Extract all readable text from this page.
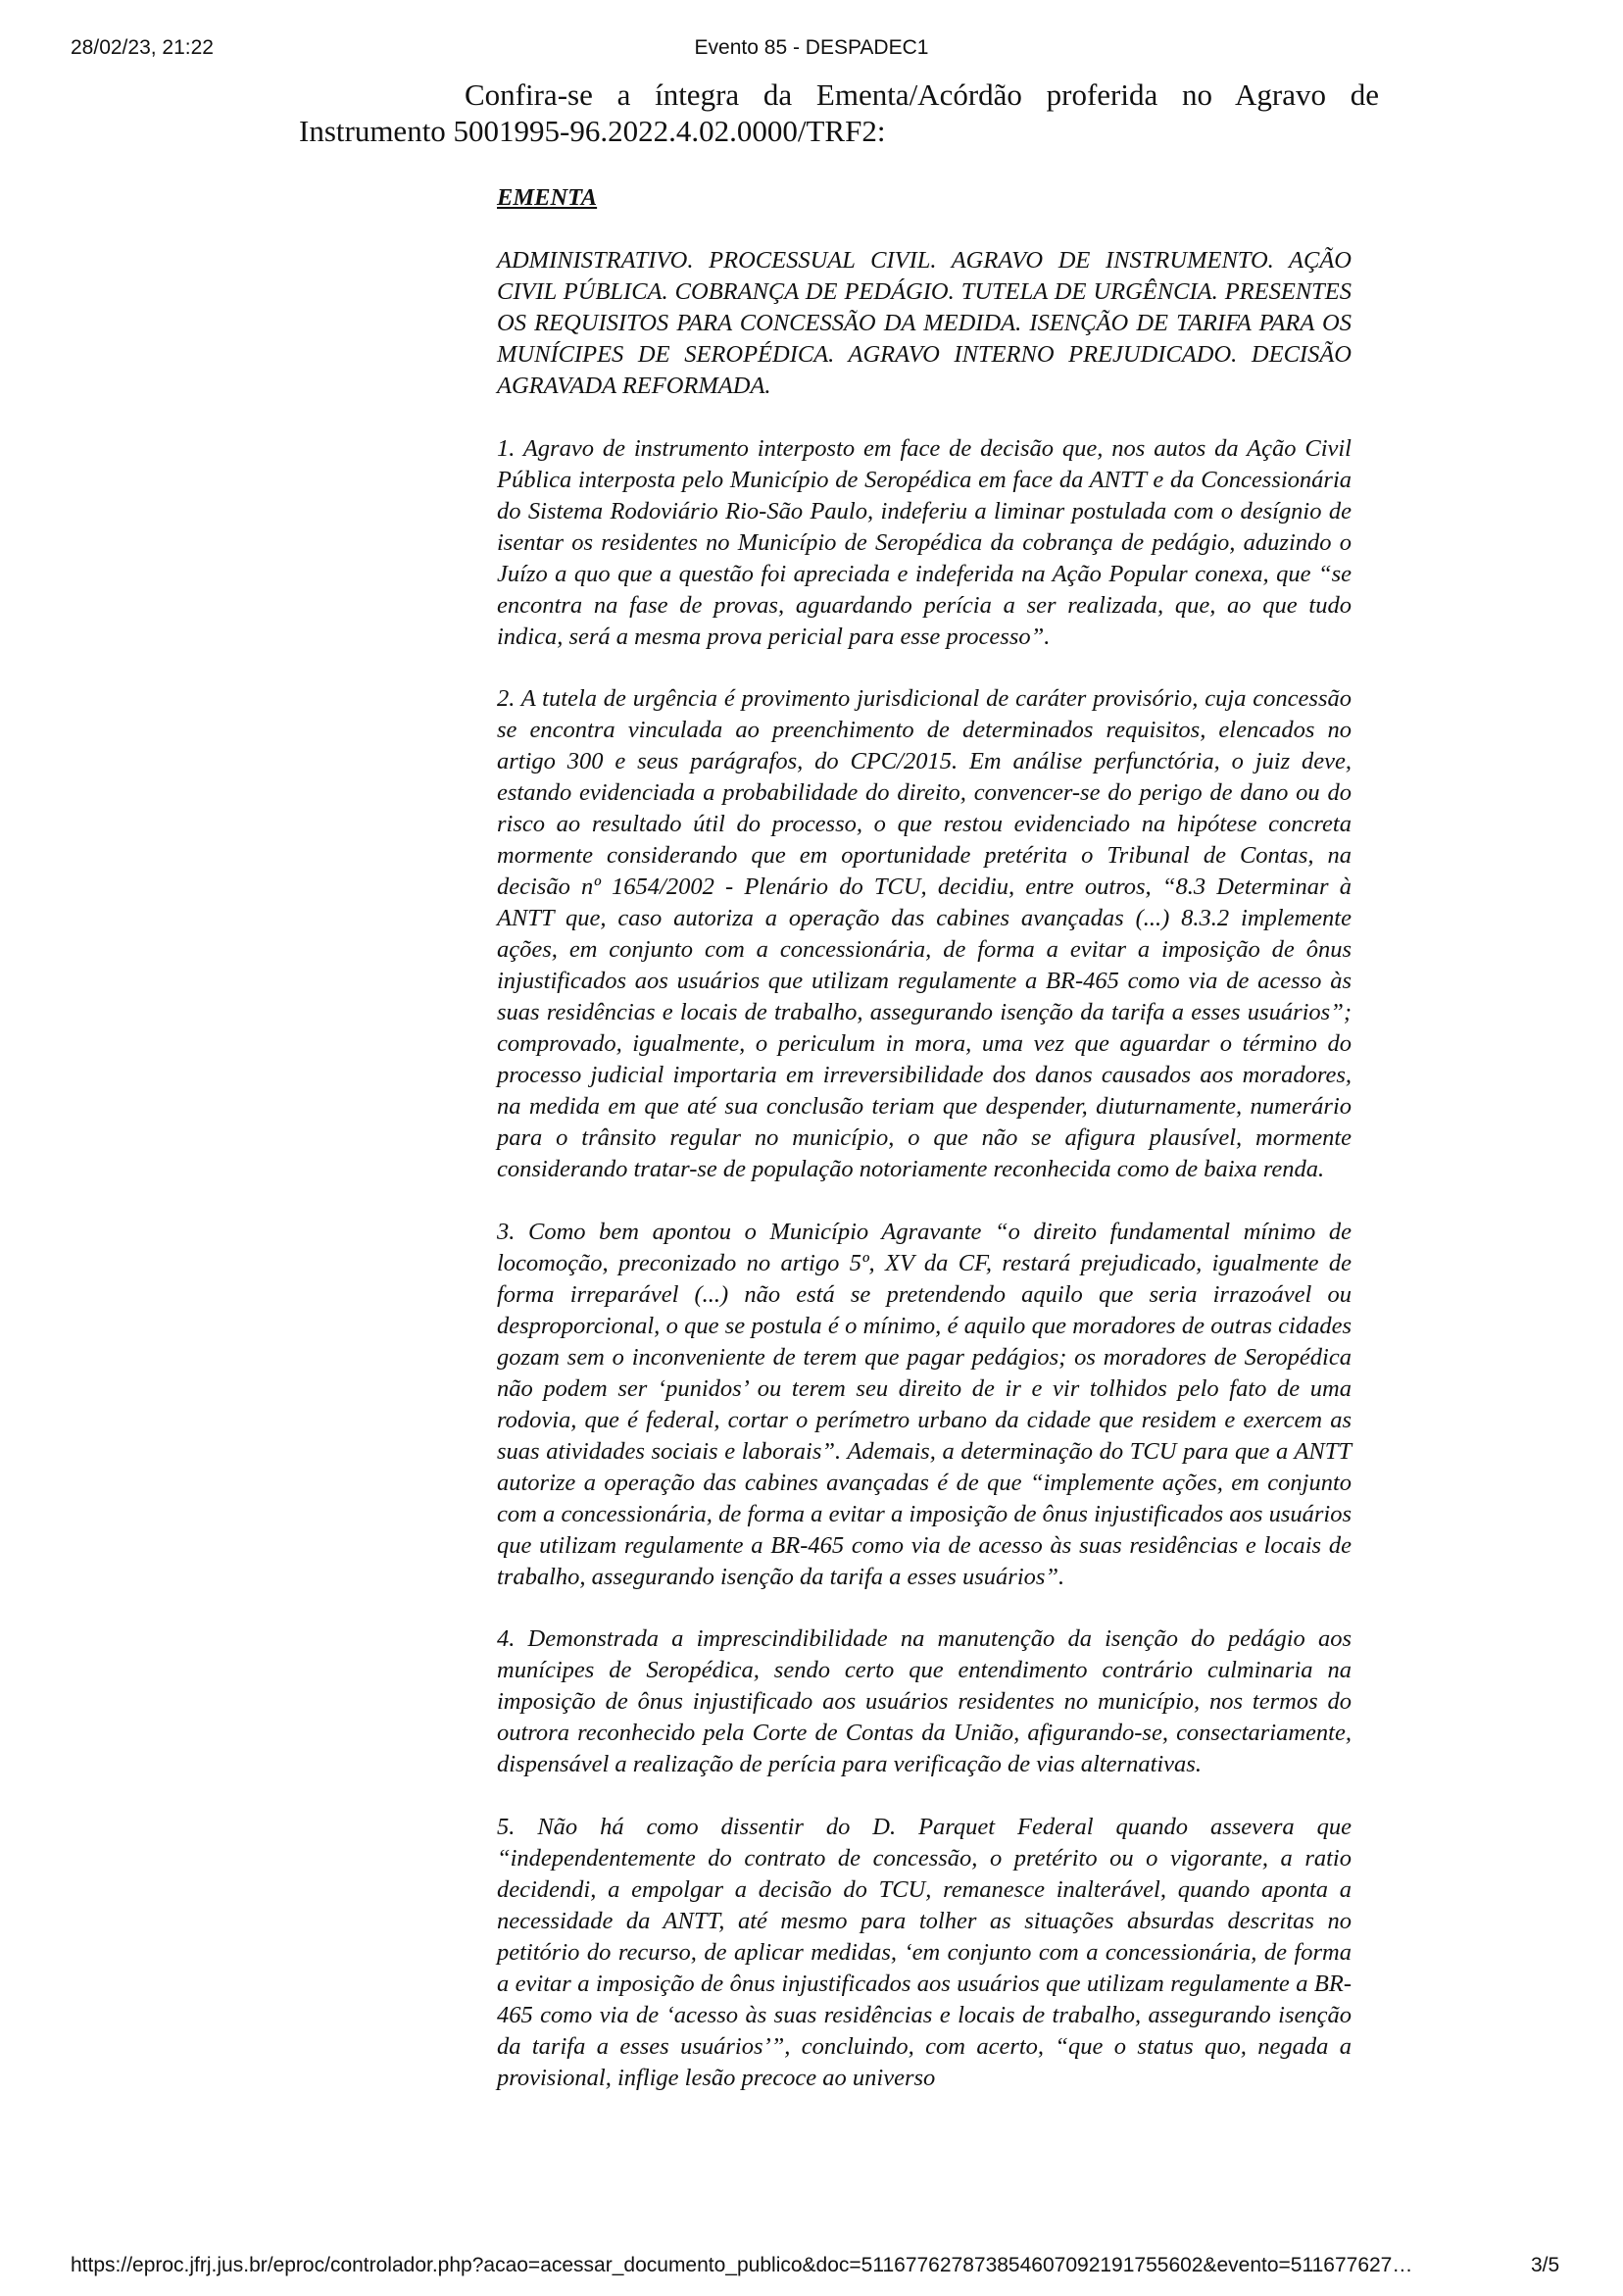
Evento 85 - DESPADEC1
28/02/23, 21:22
Confira-se a íntegra da Ementa/Acórdão proferida no Agravo de
Instrumento 5001995-96.2022.4.02.0000/TRF2:
EMENTA

ADMINISTRATIVO. PROCESSUAL CIVIL. AGRAVO DE INSTRUMENTO. AÇÃO CIVIL PÚBLICA. COBRANÇA DE PEDÁGIO. TUTELA DE URGÊNCIA. PRESENTES OS REQUISITOS PARA CONCESSÃO DA MEDIDA. ISENÇÃO DE TARIFA PARA OS MUNÍCIPES DE SEROPÉDICA. AGRAVO INTERNO PREJUDICADO. DECISÃO AGRAVADA REFORMADA.

1. Agravo de instrumento interposto em face de decisão que, nos autos da Ação Civil Pública interposta pelo Município de Seropédica em face da ANTT e da Concessionária do Sistema Rodoviário Rio-São Paulo, indeferiu a liminar postulada com o desígnio de isentar os residentes no Município de Seropédica da cobrança de pedágio, aduzindo o Juízo a quo que a questão foi apreciada e indeferida na Ação Popular conexa, que “se encontra na fase de provas, aguardando perícia a ser realizada, que, ao que tudo indica, será a mesma prova pericial para esse processo”.

2. A tutela de urgência é provimento jurisdicional de caráter provisório, cuja concessão se encontra vinculada ao preenchimento de determinados requisitos, elencados no artigo 300 e seus parágrafos, do CPC/2015. Em análise perfunctória, o juiz deve, estando evidenciada a probabilidade do direito, convencer-se do perigo de dano ou do risco ao resultado útil do processo, o que restou evidenciado na hipótese concreta mormente considerando que em oportunidade pretérita o Tribunal de Contas, na decisão nº 1654/2002 - Plenário do TCU, decidiu, entre outros, “8.3 Determinar à ANTT que, caso autoriza a operação das cabines avançadas (...) 8.3.2 implemente ações, em conjunto com a concessionária, de forma a evitar a imposição de ônus injustificados aos usuários que utilizam regulamente a BR-465 como via de acesso às suas residências e locais de trabalho, assegurando isenção da tarifa a esses usuários”; comprovado, igualmente, o periculum in mora, uma vez que aguardar o término do processo judicial importaria em irreversibilidade dos danos causados aos moradores, na medida em que até sua conclusão teriam que despender, diuturnamente, numerário para o trânsito regular no município, o que não se afigura plausível, mormente considerando tratar-se de população notoriamente reconhecida como de baixa renda.

3. Como bem apontou o Município Agravante “o direito fundamental mínimo de locomoção, preconizado no artigo 5º, XV da CF, restará prejudicado, igualmente de forma irreparável (...) não está se pretendendo aquilo que seria irrazoável ou desproporcional, o que se postula é o mínimo, é aquilo que moradores de outras cidades gozam sem o inconveniente de terem que pagar pedágios; os moradores de Seropédica não podem ser ‘punidos’ ou terem seu direito de ir e vir tolhidos pelo fato de uma rodovia, que é federal, cortar o perímetro urbano da cidade que residem e exercem as suas atividades sociais e laborais”. Ademais, a determinação do TCU para que a ANTT autorize a operação das cabines avançadas é de que “implemente ações, em conjunto com a concessionária, de forma a evitar a imposição de ônus injustificados aos usuários que utilizam regulamente a BR-465 como via de acesso às suas residências e locais de trabalho, assegurando isenção da tarifa a esses usuários”.

4. Demonstrada a imprescindibilidade na manutenção da isenção do pedágio aos munícipes de Seropédica, sendo certo que entendimento contrário culminaria na imposição de ônus injustificado aos usuários residentes no município, nos termos do outrora reconhecido pela Corte de Contas da União, afigurando-se, consectariamente, dispensável a realização de perícia para verificação de vias alternativas.

5. Não há como dissentir do D. Parquet Federal quando assevera que “independentemente do contrato de concessão, o pretérito ou o vigorante, a ratio decidendi, a empolgar a decisão do TCU, remanesce inalterável, quando aponta a necessidade da ANTT, até mesmo para tolher as situações absurdas descritas no petitório do recurso, de aplicar medidas, ‘em conjunto com a concessionária, de forma a evitar a imposição de ônus injustificados aos usuários que utilizam regulamente a BR-465 como via de ‘acesso às suas residências e locais de trabalho, assegurando isenção da tarifa a esses usuários’”, concluindo, com acerto, “que o status quo, negada a provisional, inflige lesão precoce ao universo

https://eproc.jfrj.jus.br/eproc/controlador.php?acao=acessar_documento_publico&doc=511677627873854607092191755602&evento=511677627…	3/5
